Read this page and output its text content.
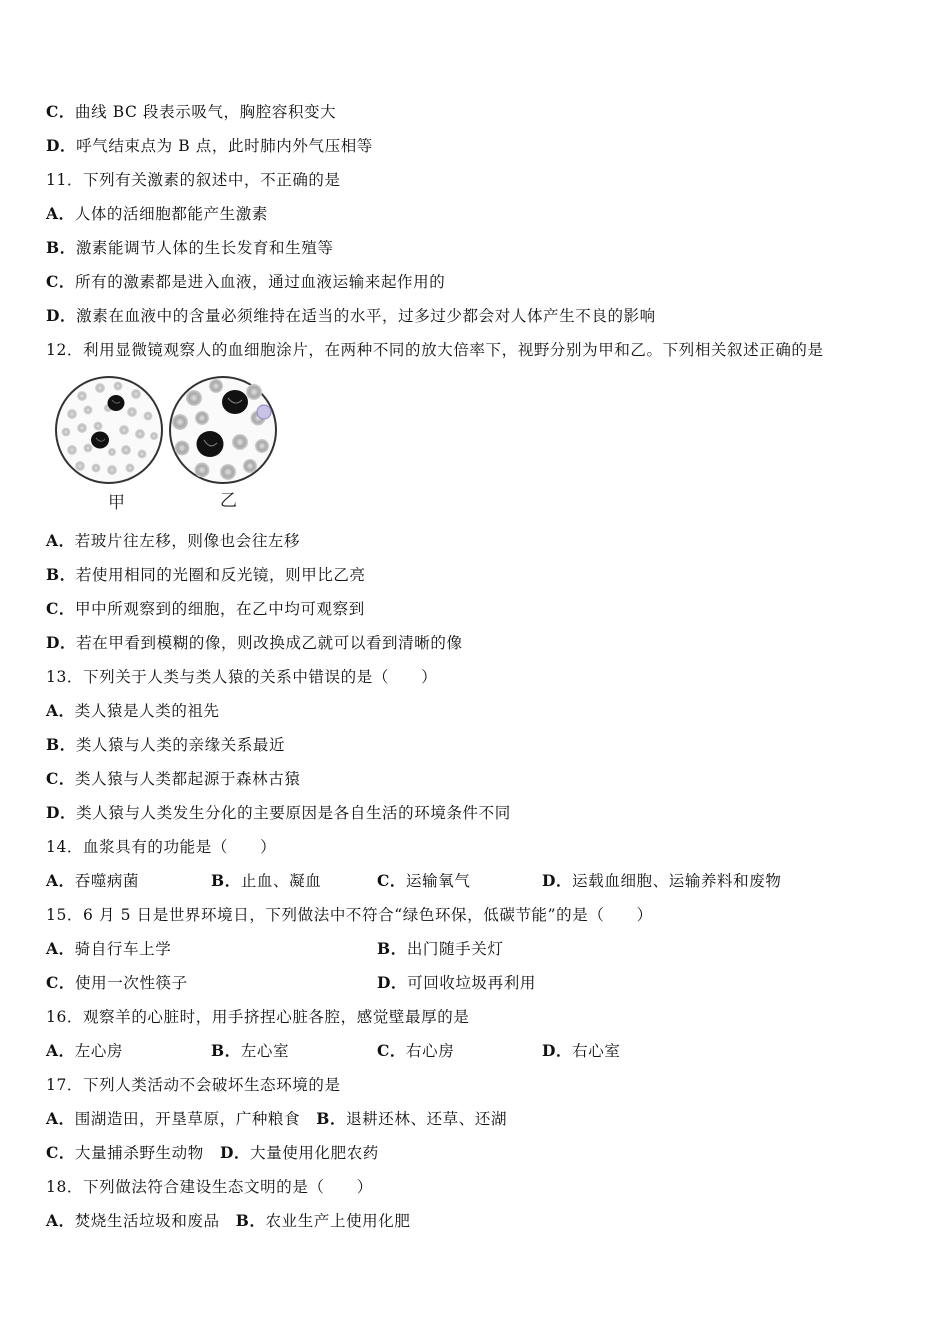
C．曲线 BC 段表示吸气，胸腔容积变大
D．呼气结束点为 B 点，此时肺内外气压相等
11．下列有关激素的叙述中，不正确的是
A．人体的活细胞都能产生激素
B．激素能调节人体的生长发育和生殖等
C．所有的激素都是进入血液，通过血液运输来起作用的
D．激素在血液中的含量必须维持在适当的水平，过多过少都会对人体产生不良的影响
12．利用显微镜观察人的血细胞涂片，在两种不同的放大倍率下，视野分别为甲和乙。下列相关叙述正确的是
甲	乙
A．若玻片往左移，则像也会往左移
B．若使用相同的光圈和反光镜，则甲比乙亮
C．甲中所观察到的细胞，在乙中均可观察到
D．若在甲看到模糊的像，则改换成乙就可以看到清晰的像
13．下列关于人类与类人猿的关系中错误的是（　　）
A．类人猿是人类的祖先
B．类人猿与人类的亲缘关系最近
C．类人猿与人类都起源于森林古猿
D．类人猿与人类发生分化的主要原因是各自生活的环境条件不同
14．血浆具有的功能是（　　）
A．吞噬病菌	B．止血、凝血	C．运输氧气	D．运载血细胞、运输养料和废物
15．6 月 5 日是世界环境日，下列做法中不符合“绿色环保，低碳节能”的是（　　）
A．骑自行车上学	B．出门随手关灯
C．使用一次性筷子	D．可回收垃圾再利用
16．观察羊的心脏时，用手挤捏心脏各腔，感觉壁最厚的是
A．左心房	B．左心室	C．右心房	D．右心室
17．下列人类活动不会破坏生态环境的是
A．围湖造田，开垦草原，广种粮食　B．退耕还林、还草、还湖
C．大量捕杀野生动物　D．大量使用化肥农药
18．下列做法符合建设生态文明的是（　　）
A．焚烧生活垃圾和废品　B．农业生产上使用化肥
